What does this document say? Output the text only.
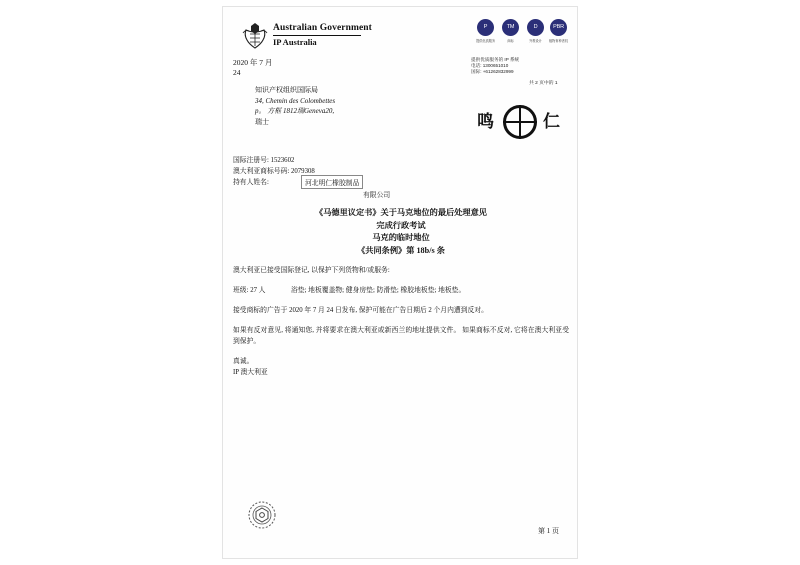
Australian Government
IP Australia
P	TM	D	PBR
提供优质服务	商标	外观设计	植物育种者权
提供优质服务的 IP 系统
电话: 1300651010
国际: +61262832999
共 2 页中的 1
2020 年 7 月
24
知识产权组织国际局
34, Chemin des Colombettes
p。 方框 1812瑞Geneva20,
瑞士	鸣	仁
国际注册号: 1523602
澳大利亚商标号码: 2079308
持有人姓名:	河北明仁橡胶制品
有限公司
《马德里议定书》关于马克地位的最后处理意见
完成行政考试
马克的临时地位
《共同条例》第 18b/s 条

澳大利亚已接受国际登记, 以保护下列货物和/或服务:

班级: 27 人	浴垫; 地板覆盖物; 健身房垫; 防滑垫; 橡胶地板垫; 地板垫。

接受商标的广告于 2020 年 7 月 24 日发布, 保护可能在广告日期后 2 个月内遭到反对。

如果有反对意见, 将通知您, 并将要求在澳大利亚或新西兰的地址提供文件。 如果商标不反对, 它将在澳大利亚受到保护。

真诚。
IP 澳大利亚
第 1 页
